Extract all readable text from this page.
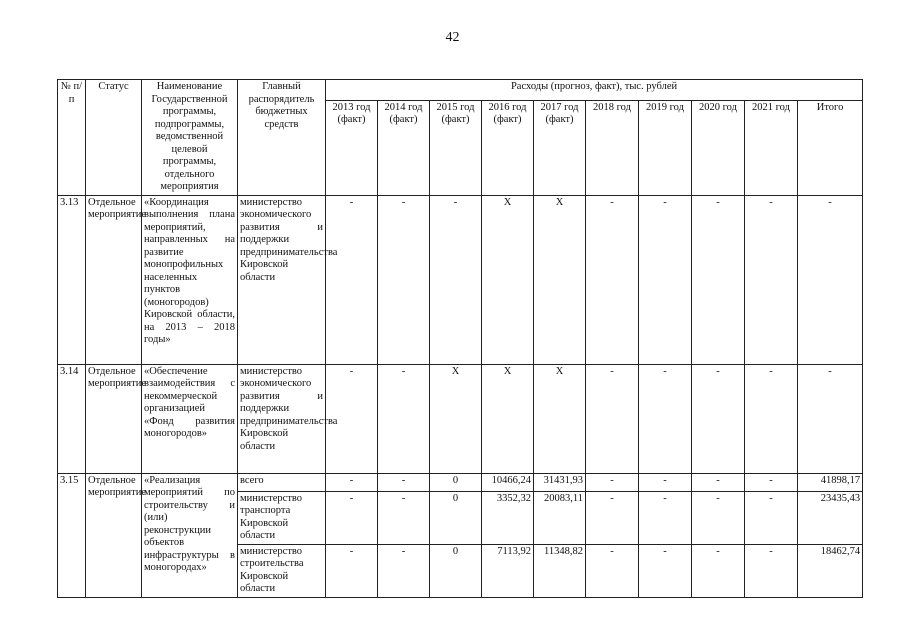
42
№ п/п	Статус	Наименование Государственной программы, подпрограммы, ведомственной целевой программы, отдельного мероприятия	Главный распорядитель бюджетных средств	Расходы (прогноз, факт), тыс. рублей									
				2013 год (факт)	2014 год (факт)	2015 год (факт)	2016 год (факт)	2017 год (факт)	2018 год	2019 год	2020 год	2021 год	Итого
3.13	Отдельное мероприятие	«Координация выполнения плана мероприятий, направленных на развитие монопрофильных населенных пунктов (моногородов) Кировской области, на 2013 – 2018 годы»	министерство экономического развития и поддержки предпринимательства Кировской области	-	-	-	X	X	-	-	-	-	-
3.14	Отдельное мероприятие	«Обеспечение взаимодействия с некоммерческой организацией «Фонд развития моногородов»	министерство экономического развития и поддержки предпринимательства Кировской области	-	-	X	X	X	-	-	-	-	-
3.15	Отдельное мероприятие	«Реализация мероприятий по строительству и (или) реконструкции объектов инфраструктуры в моногородах»	всего	-	-	0	10466,24	31431,93	-	-	-	-	41898,17
			министерство транспорта Кировской области	-	-	0	3352,32	20083,11	-	-	-	-	23435,43
			министерство строительства Кировской области	-	-	0	7113,92	11348,82	-	-	-	-	18462,74
